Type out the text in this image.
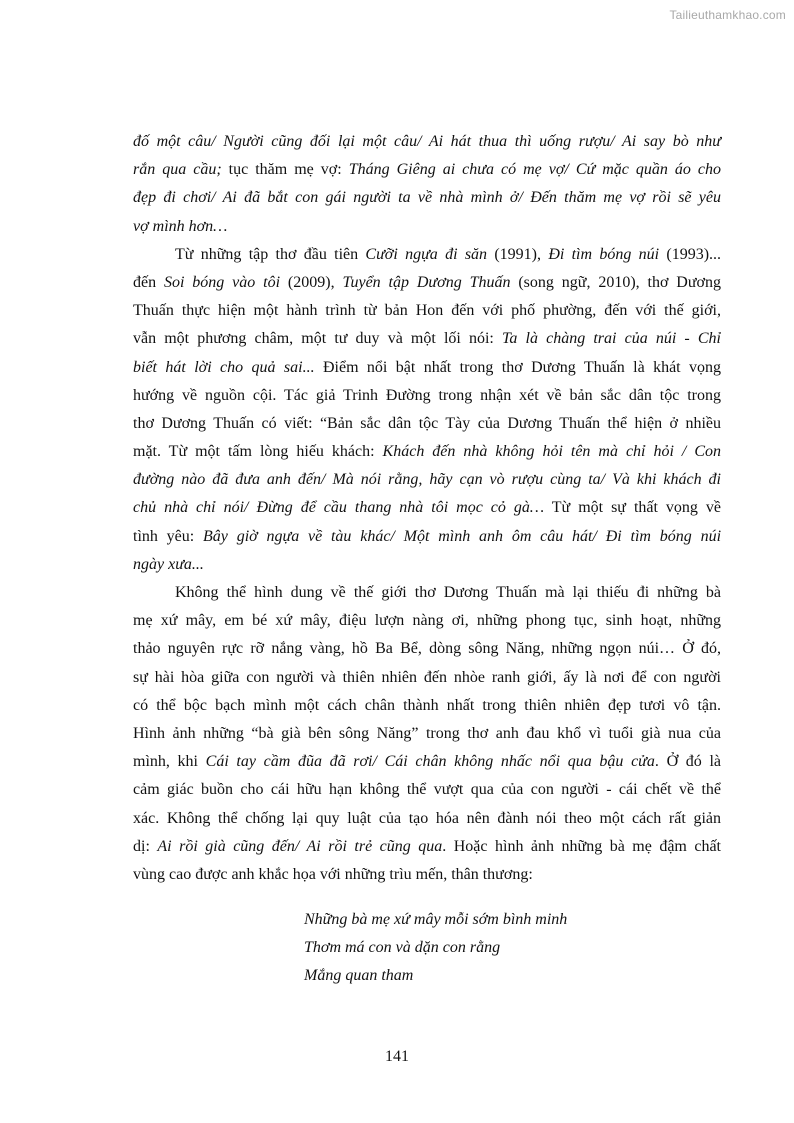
Tailieuthamkhao.com
đố một câu/ Người cũng đối lại một câu/ Ai hát thua thì uống rượu/ Ai say bò như
rắn qua cầu; tục thăm mẹ vợ: Tháng Giêng ai chưa có mẹ vợ/ Cứ mặc quần áo cho
đẹp đi chơi/ Ai đã bắt con gái người ta về nhà mình ở/ Đến thăm mẹ vợ rồi sẽ yêu
vợ mình hơn…
Từ những tập thơ đầu tiên Cưỡi ngựa đi săn (1991), Đi tìm bóng núi (1993)...
đến Soi bóng vào tôi (2009), Tuyển tập Dương Thuấn (song ngữ, 2010), thơ Dương
Thuấn thực hiện một hành trình từ bản Hon đến với phố phường, đến với thế giới,
vẫn một phương châm, một tư duy và một lối nói: Ta là chàng trai của núi - Chỉ
biết hát lời cho quả sai... Điểm nổi bật nhất trong thơ Dương Thuấn là khát vọng
hướng về nguồn cội. Tác giả Trinh Đường trong nhận xét về bản sắc dân tộc trong
thơ Dương Thuấn có viết: “Bản sắc dân tộc Tày của Dương Thuấn thể hiện ở nhiều
mặt. Từ một tấm lòng hiếu khách: Khách đến nhà không hỏi tên mà chỉ hỏi / Con
đường nào đã đưa anh đến/ Mà nói rằng, hãy cạn vò rượu cùng ta/ Và khi khách đi
chủ nhà chỉ nói/ Đừng để cầu thang nhà tôi mọc cỏ gà… Từ một sự thất vọng về
tình yêu: Bây giờ ngựa về tàu khác/ Một mình anh ôm câu hát/ Đi tìm bóng núi
ngày xưa...
Không thể hình dung về thế giới thơ Dương Thuấn mà lại thiếu đi những bà
mẹ xứ mây, em bé xứ mây, điệu lượn nàng ơi, những phong tục, sinh hoạt, những
thảo nguyên rực rỡ nắng vàng, hồ Ba Bể, dòng sông Năng, những ngọn núi… Ở đó,
sự hài hòa giữa con người và thiên nhiên đến nhòe ranh giới, ấy là nơi để con người
có thể bộc bạch mình một cách chân thành nhất trong thiên nhiên đẹp tươi vô tận.
Hình ảnh những “bà già bên sông Năng” trong thơ anh đau khổ vì tuổi già nua của
mình, khi Cái tay cầm đũa đã rơi/ Cái chân không nhấc nổi qua bậu cửa. Ở đó là
cảm giác buồn cho cái hữu hạn không thể vượt qua của con người - cái chết về thể
xác. Không thể chống lại quy luật của tạo hóa nên đành nói theo một cách rất giản
dị: Ai rồi già cũng đến/ Ai rồi trẻ cũng qua. Hoặc hình ảnh những bà mẹ đậm chất
vùng cao được anh khắc họa với những trìu mến, thân thương:
Những bà mẹ xứ mây mỗi sớm bình minh
Thơm má con và dặn con rằng
Mắng quan tham
141
